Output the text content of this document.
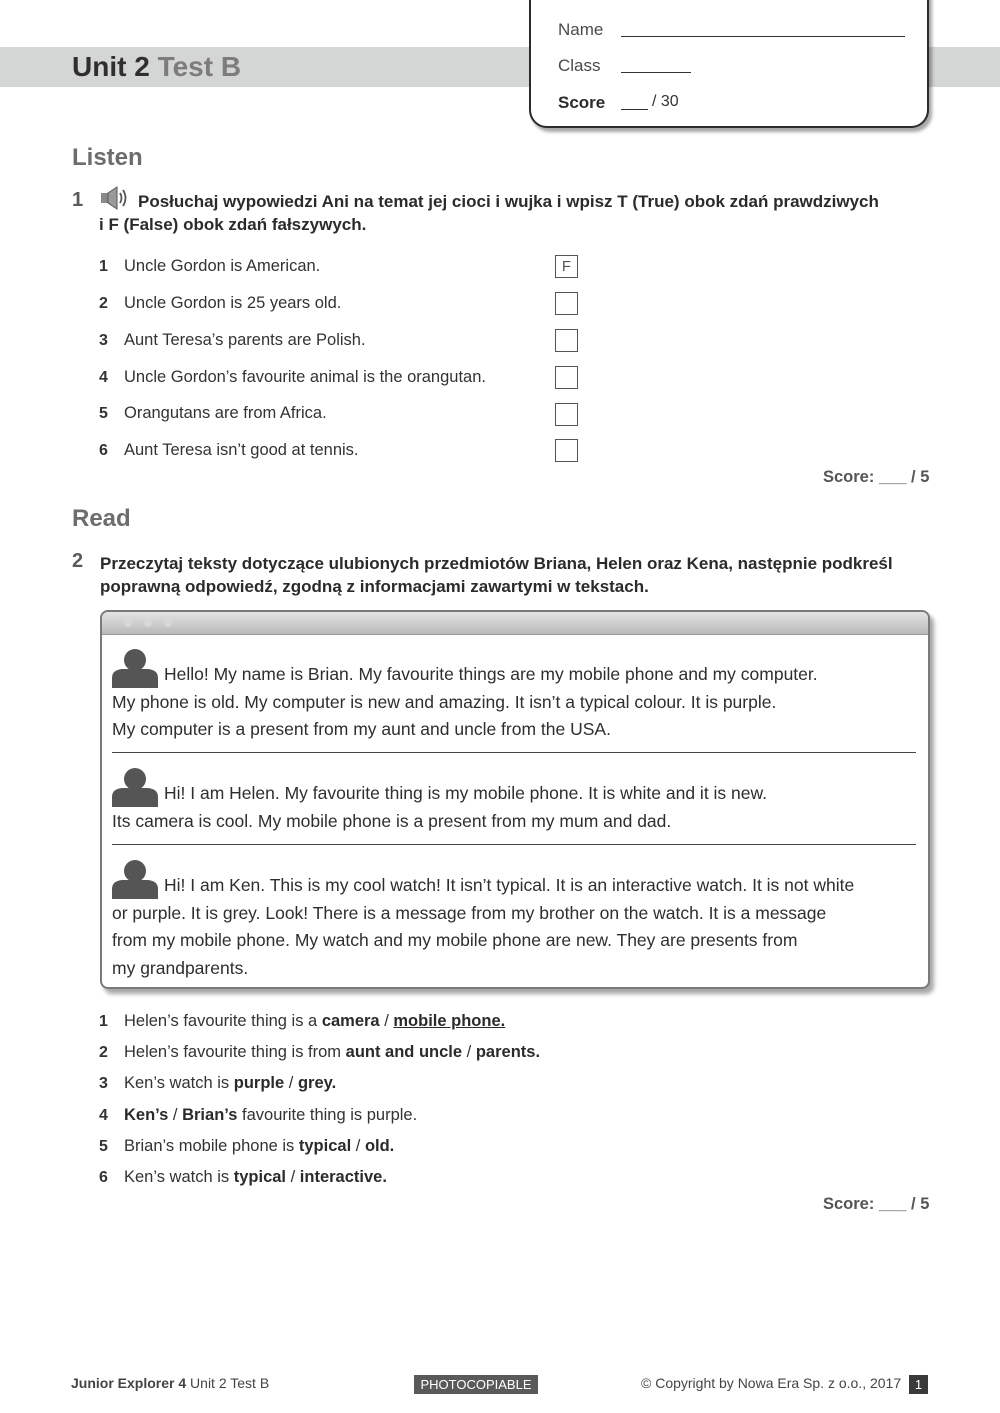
Unit 2 Test B
Name
Class
Score	/ 30
Listen
1	Posłuchaj wypowiedzi Ani na temat jej cioci i wujka i wpisz T (True) obok zdań prawdziwych
i F (False) obok zdań fałszywych.
1 Uncle Gordon is American.	F
2 Uncle Gordon is 25 years old.
3 Aunt Teresa’s parents are Polish.
4 Uncle Gordon’s favourite animal is the orangutan.
5 Orangutans are from Africa.
6 Aunt Teresa isn’t good at tennis.
Score: ___ / 5
Read
2 Przeczytaj teksty dotyczące ulubionych przedmiotów Briana, Helen oraz Kena, następnie podkreśl
poprawną odpowiedź, zgodną z informacjami zawartymi w tekstach.
Hello! My name is Brian. My favourite things are my mobile phone and my computer.
My phone is old. My computer is new and amazing. It isn’t a typical colour. It is purple.
My computer is a present from my aunt and uncle from the USA.
Hi! I am Helen. My favourite thing is my mobile phone. It is white and it is new.
Its camera is cool. My mobile phone is a present from my mum and dad.
Hi! I am Ken. This is my cool watch! It isn’t typical. It is an interactive watch. It is not white
or purple. It is grey. Look! There is a message from my brother on the watch. It is a message
from my mobile phone. My watch and my mobile phone are new. They are presents from
my grandparents.
1 Helen’s favourite thing is a camera / mobile phone.
2 Helen’s favourite thing is from aunt and uncle / parents.
3 Ken’s watch is purple / grey.
4 Ken’s / Brian’s favourite thing is purple.
5 Brian’s mobile phone is typical / old.
6 Ken’s watch is typical / interactive.
Score: ___ / 5
Junior Explorer 4 Unit 2 Test B	PHOTOCOPIABLE	© Copyright by Nowa Era Sp. z o.o., 2017	1
